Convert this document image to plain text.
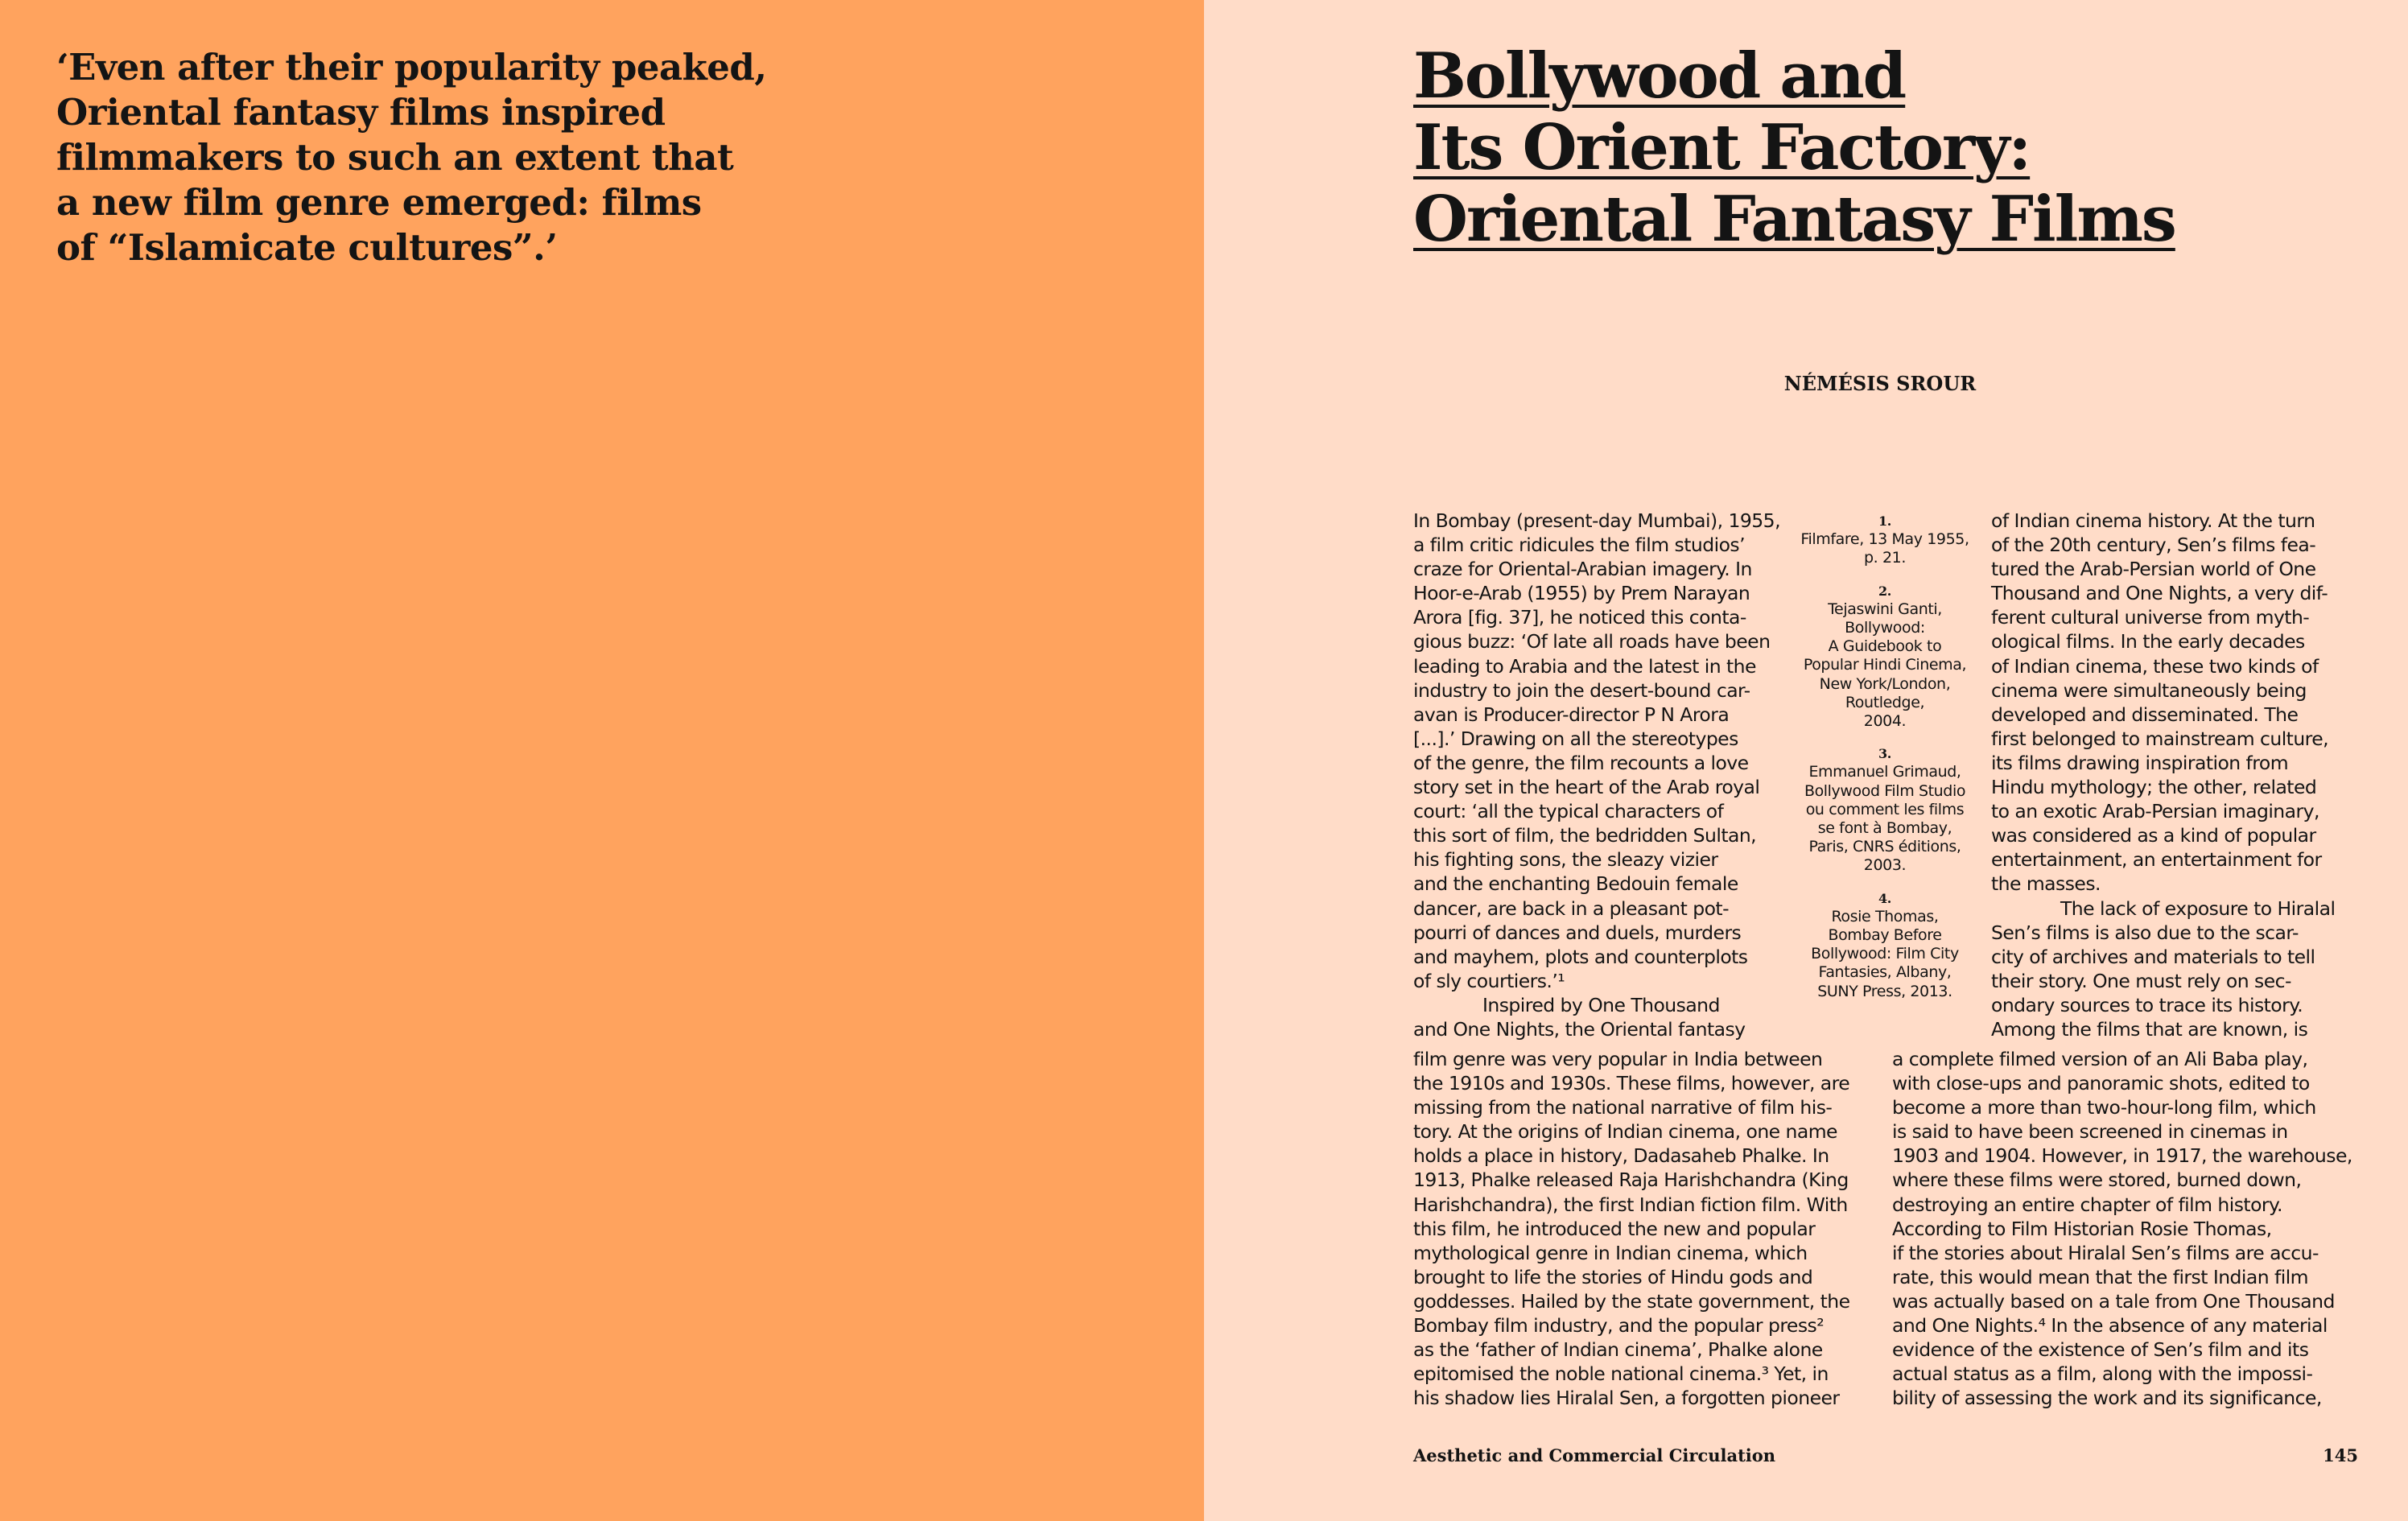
‘Even after their popularity peaked,
Oriental fantasy films inspired
filmmakers to such an extent that
a new film genre emerged: films
of “Islamicate cultures”.’

Bollywood and
Its Orient Factory:
Oriental Fantasy Films
NÉMÉSIS SROUR
In Bombay (present-day Mumbai), 1955,
a film critic ridicules the film studios’
craze for Oriental-Arabian imagery. In
Hoor-e-Arab (1955) by Prem Narayan
Arora [fig. 37], he noticed this conta-
gious buzz: ‘Of late all roads have been
leading to Arabia and the latest in the
industry to join the desert-bound car-
avan is Producer-director P N Arora
[...].’ Drawing on all the stereotypes
of the genre, the film recounts a love
story set in the heart of the Arab royal
court: ‘all the typical characters of
this sort of film, the bedridden Sultan,
his fighting sons, the sleazy vizier
and the enchanting Bedouin female
dancer, are back in a pleasant pot-
pourri of dances and duels, murders
and mayhem, plots and counterplots
of sly courtiers.’¹
Inspired by One Thousand
and One Nights, the Oriental fantasy
1.
Filmfare, 13 May 1955,
p. 21.
2.
Tejaswini Ganti,
Bollywood:
A Guidebook to
Popular Hindi Cinema,
New York/London,
Routledge,
2004.
3.
Emmanuel Grimaud,
Bollywood Film Studio
ou comment les films
se font à Bombay,
Paris, CNRS éditions,
2003.
4.
Rosie Thomas,
Bombay Before
Bollywood: Film City
Fantasies, Albany,
SUNY Press, 2013.
of Indian cinema history. At the turn
of the 20th century, Sen’s films fea-
tured the Arab-Persian world of One
Thousand and One Nights, a very dif-
ferent cultural universe from myth-
ological films. In the early decades
of Indian cinema, these two kinds of
cinema were simultaneously being
developed and disseminated. The
first belonged to mainstream culture,
its films drawing inspiration from
Hindu mythology; the other, related
to an exotic Arab-Persian imaginary,
was considered as a kind of popular
entertainment, an entertainment for
the masses.
The lack of exposure to Hiralal
Sen’s films is also due to the scar-
city of archives and materials to tell
their story. One must rely on sec-
ondary sources to trace its history.
Among the films that are known, is
film genre was very popular in India between
the 1910s and 1930s. These films, however, are
missing from the national narrative of film his-
tory. At the origins of Indian cinema, one name
holds a place in history, Dadasaheb Phalke. In
1913, Phalke released Raja Harishchandra (King
Harishchandra), the first Indian fiction film. With
this film, he introduced the new and popular
mythological genre in Indian cinema, which
brought to life the stories of Hindu gods and
goddesses. Hailed by the state government, the
Bombay film industry, and the popular press²
as the ‘father of Indian cinema’, Phalke alone
epitomised the noble national cinema.³ Yet, in
his shadow lies Hiralal Sen, a forgotten pioneer
a complete filmed version of an Ali Baba play,
with close-ups and panoramic shots, edited to
become a more than two-hour-long film, which
is said to have been screened in cinemas in
1903 and 1904. However, in 1917, the warehouse,
where these films were stored, burned down,
destroying an entire chapter of film history.
According to Film Historian Rosie Thomas,
if the stories about Hiralal Sen’s films are accu-
rate, this would mean that the first Indian film
was actually based on a tale from One Thousand
and One Nights.⁴ In the absence of any material
evidence of the existence of Sen’s film and its
actual status as a film, along with the impossi-
bility of assessing the work and its significance,
Aesthetic and Commercial Circulation	145
